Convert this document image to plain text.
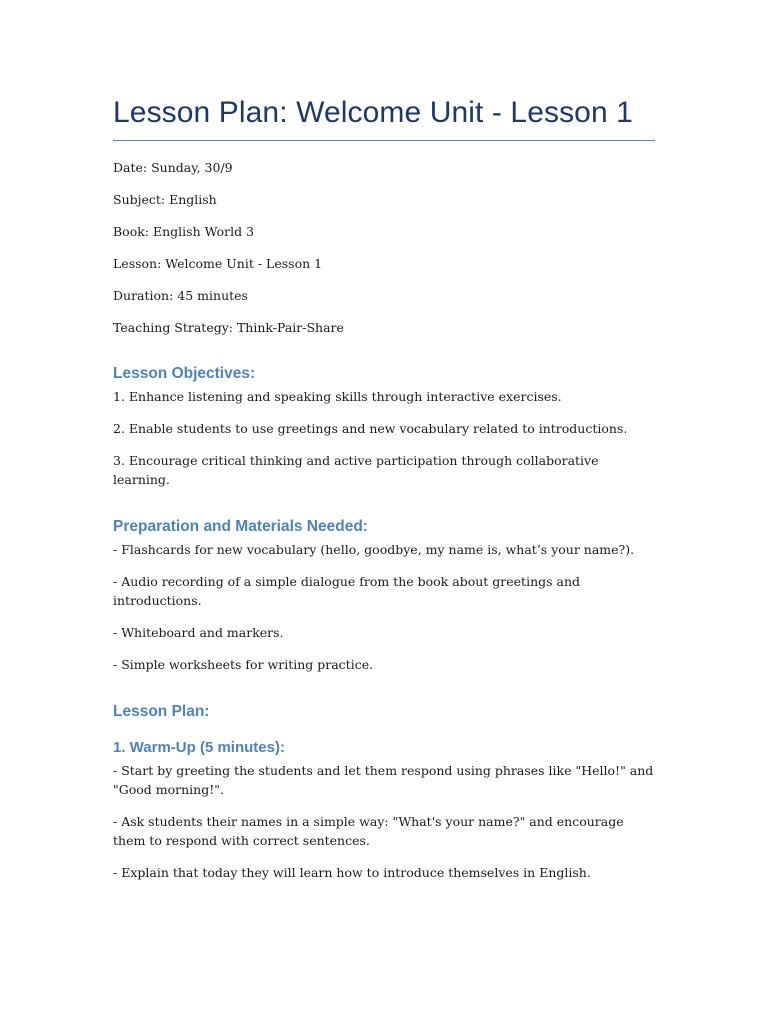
Lesson Plan: Welcome Unit - Lesson 1

Date: Sunday, 30/9

Subject: English

Book: English World 3

Lesson: Welcome Unit - Lesson 1

Duration: 45 minutes

Teaching Strategy: Think-Pair-Share

Lesson Objectives:

1. Enhance listening and speaking skills through interactive exercises.

2. Enable students to use greetings and new vocabulary related to introductions.

3. Encourage critical thinking and active participation through collaborative learning.

Preparation and Materials Needed:

- Flashcards for new vocabulary (hello, goodbye, my name is, what’s your name?).

- Audio recording of a simple dialogue from the book about greetings and introductions.

- Whiteboard and markers.

- Simple worksheets for writing practice.

Lesson Plan:
1. Warm-Up (5 minutes):

- Start by greeting the students and let them respond using phrases like "Hello!" and "Good morning!".

- Ask students their names in a simple way: "What's your name?" and encourage them to respond with correct sentences.

- Explain that today they will learn how to introduce themselves in English.
